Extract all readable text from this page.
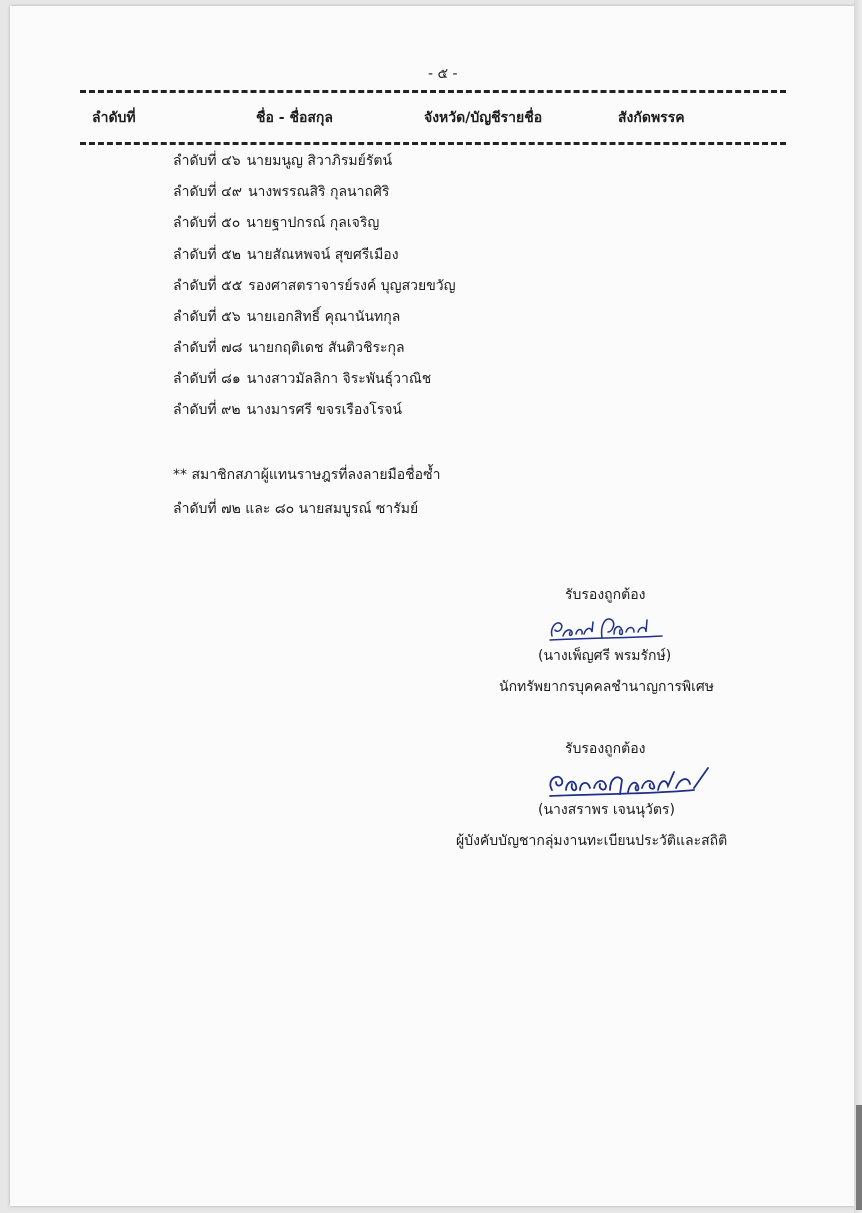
- ๕ -
ลำดับที่	ชื่อ - ชื่อสกุล	จังหวัด/บัญชีรายชื่อ	สังกัดพรรค
ลำดับที่ ๔๖ นายมนูญ สิวาภิรมย์รัตน์
ลำดับที่ ๔๙ นางพรรณสิริ กุลนาถศิริ
ลำดับที่ ๕๐ นายฐาปกรณ์ กุลเจริญ
ลำดับที่ ๕๒ นายสัณหพจน์ สุขศรีเมือง
ลำดับที่ ๕๕ รองศาสตราจารย์รงค์ บุญสวยขวัญ
ลำดับที่ ๕๖ นายเอกสิทธิ์ คุณานันทกุล
ลำดับที่ ๗๘ นายกฤติเดช สันติวชิระกุล
ลำดับที่ ๘๑ นางสาวมัลลิกา จิระพันธุ์วาณิช
ลำดับที่ ๙๒ นางมารศรี ขจรเรืองโรจน์
** สมาชิกสภาผู้แทนราษฎรที่ลงลายมือชื่อซ้ำ
ลำดับที่ ๗๒ และ ๘๐ นายสมบูรณ์ ซารัมย์
รับรองถูกต้อง
(นางเพ็ญศรี พรมรักษ์)
นักทรัพยากรบุคคลชำนาญการพิเศษ
รับรองถูกต้อง
(นางสราพร เจนนุวัตร)
ผู้บังคับบัญชากลุ่มงานทะเบียนประวัติและสถิติ
